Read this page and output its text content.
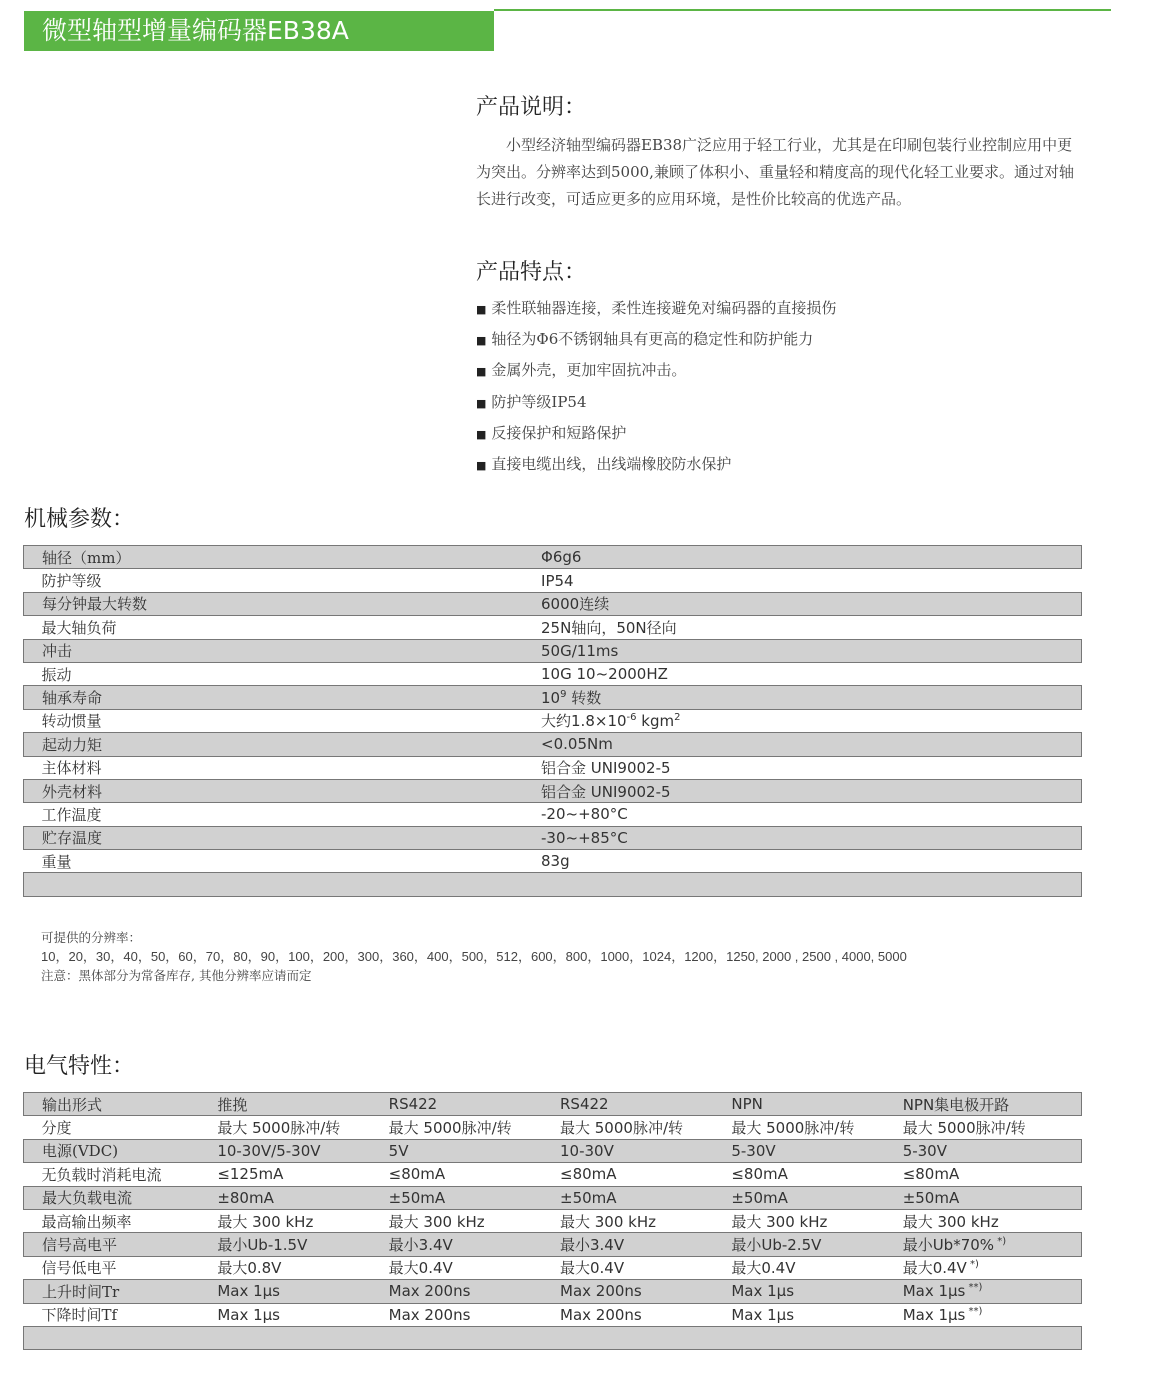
微型轴型增量编码器EB38A
产品说明：

小型经济轴型编码器EB38广泛应用于轻工行业，尤其是在印刷包装行业控制应用中更为突出。分辨率达到5000,兼顾了体积小、重量轻和精度高的现代化轻工业要求。通过对轴长进行改变，可适应更多的应用环境，是性价比较高的优选产品。

产品特点：
■ 柔性联轴器连接，柔性连接避免对编码器的直接损伤
■ 轴径为Φ6不锈钢轴具有更高的稳定性和防护能力
■ 金属外壳，更加牢固抗冲击。
■ 防护等级IP54
■ 反接保护和短路保护
■ 直接电缆出线，出线端橡胶防水保护
机械参数：
轴径（mm）	Φ6g6
防护等级	IP54
每分钟最大转数	6000连续
最大轴负荷	25N轴向，50N径向
冲击	50G/11ms
振动	10G 10~2000HZ
轴承寿命	$10^9$ 转数
转动惯量	大约$1.8\times 10^{-6}$ kgm$^2$
起动力矩	<0.05Nm
主体材料	铝合金 UNI9002-5
外壳材料	铝合金 UNI9002-5
工作温度	-20~+80°C
贮存温度	-30~+85°C
重量	83g

可提供的分辨率：
10，20，30，40，50，60，70，80，90，100，200，300，360，400，500，512，600，800，1000，1024，1200，1250, 2000 , 2500 , 4000, 5000
注意：黑体部分为常备库存, 其他分辨率应请而定
电气特性：
输出形式	推挽	RS422	RS422	NPN	NPN集电极开路
分度	最大 5000脉冲/转	最大 5000脉冲/转	最大 5000脉冲/转	最大 5000脉冲/转	最大 5000脉冲/转
电源(VDC)	10-30V/5-30V	5V	10-30V	5-30V	5-30V
无负载时消耗电流	≤125mA	≤80mA	≤80mA	≤80mA	≤80mA
最大负载电流	±80mA	±50mA	±50mA	±50mA	±50mA
最高输出频率	最大 300 kHz	最大 300 kHz	最大 300 kHz	最大 300 kHz	最大 300 kHz
信号高电平	最小Ub-1.5V	最小3.4V	最小3.4V	最小Ub-2.5V	最小Ub*70% *)
信号低电平	最大0.8V	最大0.4V	最大0.4V	最大0.4V	最大0.4V *)
上升时间Tr	Max 1μs	Max 200ns	Max 200ns	Max 1μs	Max 1μs **)
下降时间Tf	Max 1μs	Max 200ns	Max 200ns	Max 1μs	Max 1μs **)
